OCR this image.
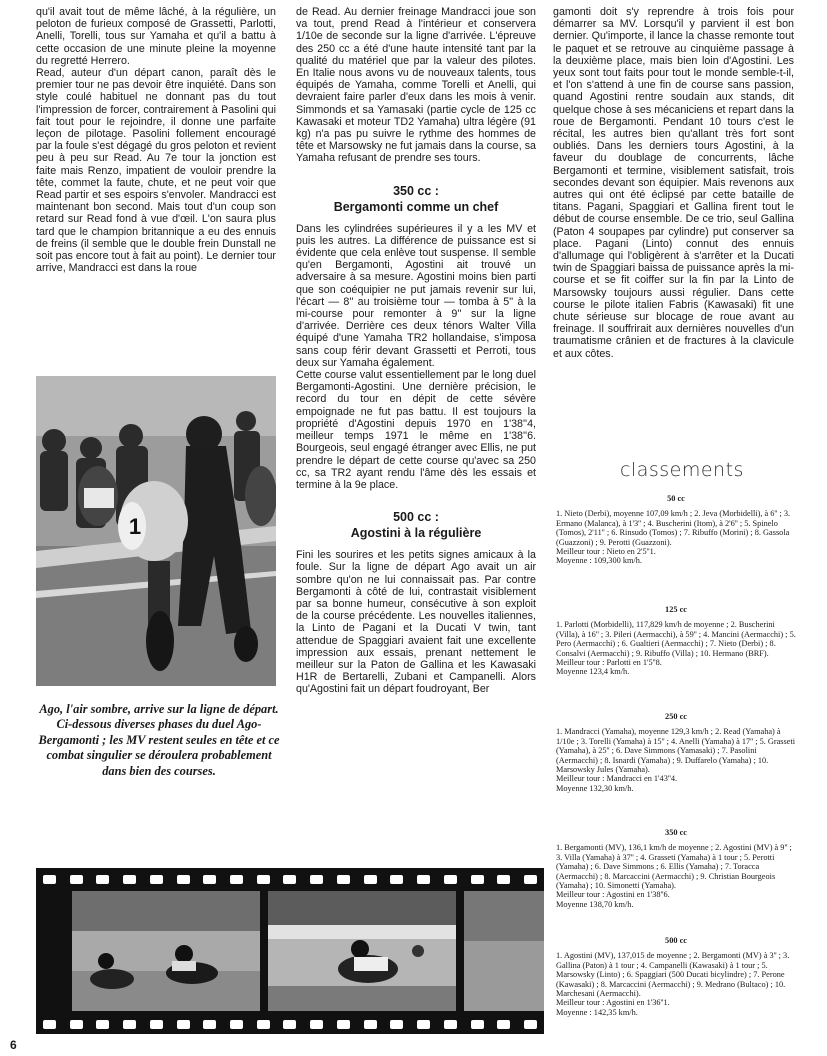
qu'il avait tout de même lâché, à la régulière, un peloton de furieux composé de Grassetti, Parlotti, Anelli, Torelli, tous sur Yamaha et qu'il a battu à cette occasion de une minute pleine la moyenne du regretté Herrero.

Read, auteur d'un départ canon, paraît dès le premier tour ne pas devoir être inquiété. Dans son style coulé habituel ne donnant pas du tout l'impression de forcer, contrairement à Pasolini qui fait tout pour le rejoindre, il donne une parfaite leçon de pilotage. Pasolini follement encouragé par la foule s'est dégagé du gros peloton et revient peu à peu sur Read. Au 7e tour la jonction est faite mais Renzo, impatient de vouloir prendre la tête, commet la faute, chute, et ne peut voir que Read partir et ses espoirs s'envoler. Mandracci est maintenant bon second. Mais tout d'un coup son retard sur Read fond à vue d'œil. L'on saura plus tard que le champion britannique a eu des ennuis de freins (il semble que le double frein Dunstall ne soit pas encore tout à fait au point). Le dernier tour arrive, Mandracci est dans la roue

1
Ago, l'air sombre, arrive sur la ligne de départ. Ci-dessous diverses phases du duel Ago-Bergamonti ; les MV restent seules en tête et ce combat singulier se déroulera probablement dans bien des courses.

de Read. Au dernier freinage Mandracci joue son va tout, prend Read à l'intérieur et conservera 1/10e de seconde sur la ligne d'arrivée. L'épreuve des 250 cc a été d'une haute intensité tant par la qualité du matériel que par la valeur des pilotes. En Italie nous avons vu de nouveaux talents, tous équipés de Yamaha, comme Torelli et Anelli, qui devraient faire parler d'eux dans les mois à venir. Simmonds et sa Yamasaki (partie cycle de 125 cc Kawasaki et moteur TD2 Yamaha) ultra légère (91 kg) n'a pas pu suivre le rythme des hommes de tête et Marsowsky ne fut jamais dans la course, sa Yamaha refusant de prendre ses tours.

350 cc :

Bergamonti comme un chef

Dans les cylindrées supérieures il y a les MV et puis les autres. La différence de puissance est si évidente que cela enlève tout suspense. Il semble qu'en Bergamonti, Agostini ait trouvé un adversaire à sa mesure. Agostini moins bien parti que son coéquipier ne put jamais revenir sur lui, l'écart — 8'' au troisième tour — tomba à 5'' à la mi-course pour remonter à 9'' sur la ligne d'arrivée. Derrière ces deux ténors Walter Villa équipé d'une Yamaha TR2 hollandaise, s'imposa sans coup férir devant Grassetti et Perroti, tous deux sur Yamaha également.

Cette course valut essentiellement par le long duel Bergamonti-Agostini. Une dernière précision, le record du tour en dépit de cette sévère empoignade ne fut pas battu. Il est toujours la propriété d'Agostini depuis 1970 en 1'38''4, meilleur temps 1971 le même en 1'38''6. Bourgeois, seul engagé étranger avec Ellis, ne put prendre le départ de cette course qu'avec sa 250 cc, sa TR2 ayant rendu l'âme dès les essais et termine à la 9e place.

500 cc :

Agostini à la régulière

Fini les sourires et les petits signes amicaux à la foule. Sur la ligne de départ Ago avait un air sombre qu'on ne lui connaissait pas. Par contre Bergamonti à côté de lui, contrastait visiblement par sa bonne humeur, consécutive à son exploit de la course précédente. Les nouvelles italiennes, la Linto de Pagani et la Ducati V twin, tant attendue de Spaggiari avaient fait une excellente impression aux essais, prenant nettement le meilleur sur la Paton de Gallina et les Kawasaki H1R de Bertarelli, Zubani et Campanelli. Alors qu'Agostini fait un départ foudroyant, Ber

gamonti doit s'y reprendre à trois fois pour démarrer sa MV. Lorsqu'il y parvient il est bon dernier. Qu'importe, il lance la chasse remonte tout le paquet et se retrouve au cinquième passage à la deuxième place, mais bien loin d'Agostini. Les yeux sont tout faits pour tout le monde semble-t-il, et l'on s'attend à une fin de course sans passion, quand Agostini rentre soudain aux stands, dit quelque chose à ses mécaniciens et repart dans la roue de Bergamonti. Pendant 10 tours c'est le récital, les autres bien qu'allant très fort sont oubliés. Dans les derniers tours Agostini, à la faveur du doublage de concurrents, lâche Bergamonti et termine, visiblement satisfait, trois secondes devant son équipier. Mais revenons aux autres qui ont été éclipsé par cette bataille de titans. Pagani, Spaggiari et Gallina firent tout le début de course ensemble. De ce trio, seul Gallina (Paton 4 soupapes par cylindre) put conserver sa place. Pagani (Linto) connut des ennuis d'allumage qui l'obligèrent à s'arrêter et la Ducati twin de Spaggiari baissa de puissance après la mi-course et se fit coiffer sur la fin par la Linto de Marsowsky toujours aussi régulier. Dans cette course le pilote italien Fabris (Kawasaki) fit une chute sérieuse sur blocage de roue avant au freinage. Il souffrirait aux dernières nouvelles d'un traumatisme crânien et de fractures à la clavicule et aux côtes.

classements
50 cc

1. Nieto (Derbi), moyenne 107,09 km/h ; 2. Jeva (Morbidelli), à 6'' ; 3. Ermano (Malanca), à 1'3'' ; 4. Buscherini (Itom), à 2'6'' ; 5. Spinelo (Tomos), 2'11'' ; 6. Rinsudo (Tomos) ; 7. Ribuffo (Morini) ; 8. Gassola (Guazzoni) ; 9. Perotti (Guazzoni).

Meilleur tour : Nieto en 2'5''1.

Moyenne : 109,300 km/h.

125 cc

1. Parlotti (Morbidelli), 117,829 km/h de moyenne ; 2. Buscherini (Villa), à 16'' ; 3. Pileri (Aermacchi), à 59'' ; 4. Mancini (Aermacchi) ; 5. Pero (Aermacchi) ; 6. Gualtieri (Aermacchi) ; 7. Nieto (Derbi) ; 8. Consalvi (Aermacchi) ; 9. Ribuffo (Villa) ; 10. Hermano (BRF).

Meilleur tour : Parlotti en 1'5''8.

Moyenne 123,4 km/h.

250 cc

1. Mandracci (Yamaha), moyenne 129,3 km/h ; 2. Read (Yamaha) à 1/10e ; 3. Torelli (Yamaha) à 15'' ; 4. Anelli (Yamaha) à 17'' ; 5. Grasseti (Yamaha), à 25'' ; 6. Dave Simmons (Yamasaki) ; 7. Pasolini (Aermacchi) ; 8. Isnardi (Yamaha) ; 9. Duffarelo (Yamaha) ; 10. Marsowsky Jules (Yamaha).

Meilleur tour : Mandracci en 1'43''4.

Moyenne 132,30 km/h.

350 cc

1. Bergamonti (MV), 136,1 km/h de moyenne ; 2. Agostini (MV) à 9'' ; 3. Villa (Yamaha) à 37'' ; 4. Grasseti (Yamaha) à 1 tour ; 5. Perotti (Yamaha) ; 6. Dave Simmons ; 6. Ellis (Yamaha) ; 7. Toracca (Aermacchi) ; 8. Marcaccini (Aermacchi) ; 9. Christian Bourgeois (Yamaha) ; 10. Simonetti (Yamaha).

Meilleur tour : Agostini en 1'38''6.

Moyenne 138,70 km/h.

500 cc

1. Agostini (MV), 137,015 de moyenne ; 2. Bergamonti (MV) à 3'' ; 3. Gallina (Paton) à 1 tour ; 4. Campanelli (Kawasaki) à 1 tour ; 5. Marsowsky (Linto) ; 6. Spaggiari (500 Ducati bicylindre) ; 7. Perone (Kawasaki) ; 8. Marcaccini (Aermacchi) ; 9. Medrano (Bultaco) ; 10. Marchesani (Aermacchi).

Meilleur tour : Agostini en 1'36''1.

Moyenne : 142,35 km/h.

6
